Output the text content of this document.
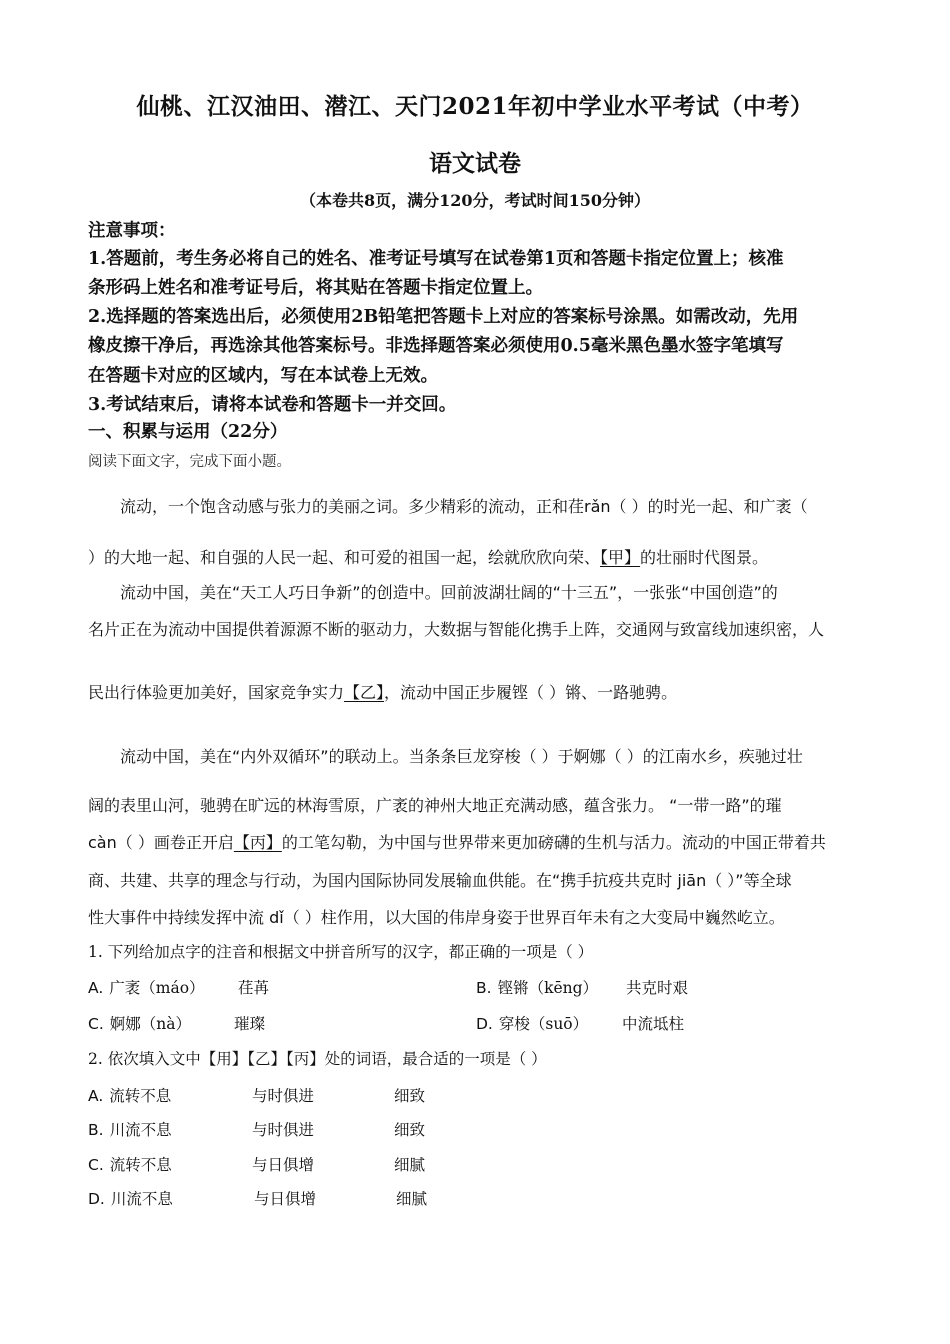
仙桃、江汉油田、潜江、天门2021年初中学业水平考试（中考）
语文试卷
（本卷共8页，满分120分，考试时间150分钟）
注意事项：
1.答题前，考生务必将自己的姓名、准考证号填写在试卷第1页和答题卡指定位置上；核准
条形码上姓名和准考证号后，将其贴在答题卡指定位置上。
2.选择题的答案选出后，必须使用2B铅笔把答题卡上对应的答案标号涂黑。如需改动，先用
橡皮擦干净后，再选涂其他答案标号。非选择题答案必须使用0.5毫米黑色墨水签字笔填写
在答题卡对应的区域内，写在本试卷上无效。
3.考试结束后，请将本试卷和答题卡一并交回。
一、积累与运用（22分）
阅读下面文字，完成下面小题。
流动，一个饱含动感与张力的美丽之词。多少精彩的流动，正和荏rǎn（ ）的时光一起、和广袤（
）的大地一起、和自强的人民一起、和可爱的祖国一起，绘就欣欣向荣、【甲】的壮丽时代图景。
流动中国，美在“天工人巧日争新”的创造中。回前波湖壮阔的“十三五”，一张张“中国创造”的
名片正在为流动中国提供着源源不断的驱动力，大数据与智能化携手上阵，交通网与致富线加速织密，人
民出行体验更加美好，国家竞争实力【乙】，流动中国正步履铿（ ）锵、一路驰骋。
流动中国，美在“内外双循环”的联动上。当条条巨龙穿梭（ ）于婀娜（ ）的江南水乡，疾驰过壮
阔的表里山河，驰骋在旷远的林海雪原，广袤的神州大地正充满动感，蕴含张力。 “一带一路”的璀
càn（ ）画卷正开启【丙】的工笔勾勒，为中国与世界带来更加磅礴的生机与活力。流动的中国正带着共
商、共建、共享的理念与行动，为国内国际协同发展输血供能。在“携手抗疫共克时 jiān（ ）”等全球
性大事件中持续发挥中流 dǐ（ ）柱作用，以大国的伟岸身姿于世界百年未有之大变局中巍然屹立。
1. 下列给加点字的注音和根据文中拼音所写的汉字，都正确的一项是（ ）
A. 广袤（máo） 荏苒	B. 铿锵（kēng） 共克时艰
C. 婀娜（nà）	璀璨	D. 穿梭（suō） 中流坻柱
2. 依次填入文中【用】【乙】【丙】处的词语，最合适的一项是（ ）
A. 流转不息	与时俱进	细致
B. 川流不息	与时俱进	细致
C. 流转不息	与日俱增	细腻
D. 川流不息	与日俱增	细腻
